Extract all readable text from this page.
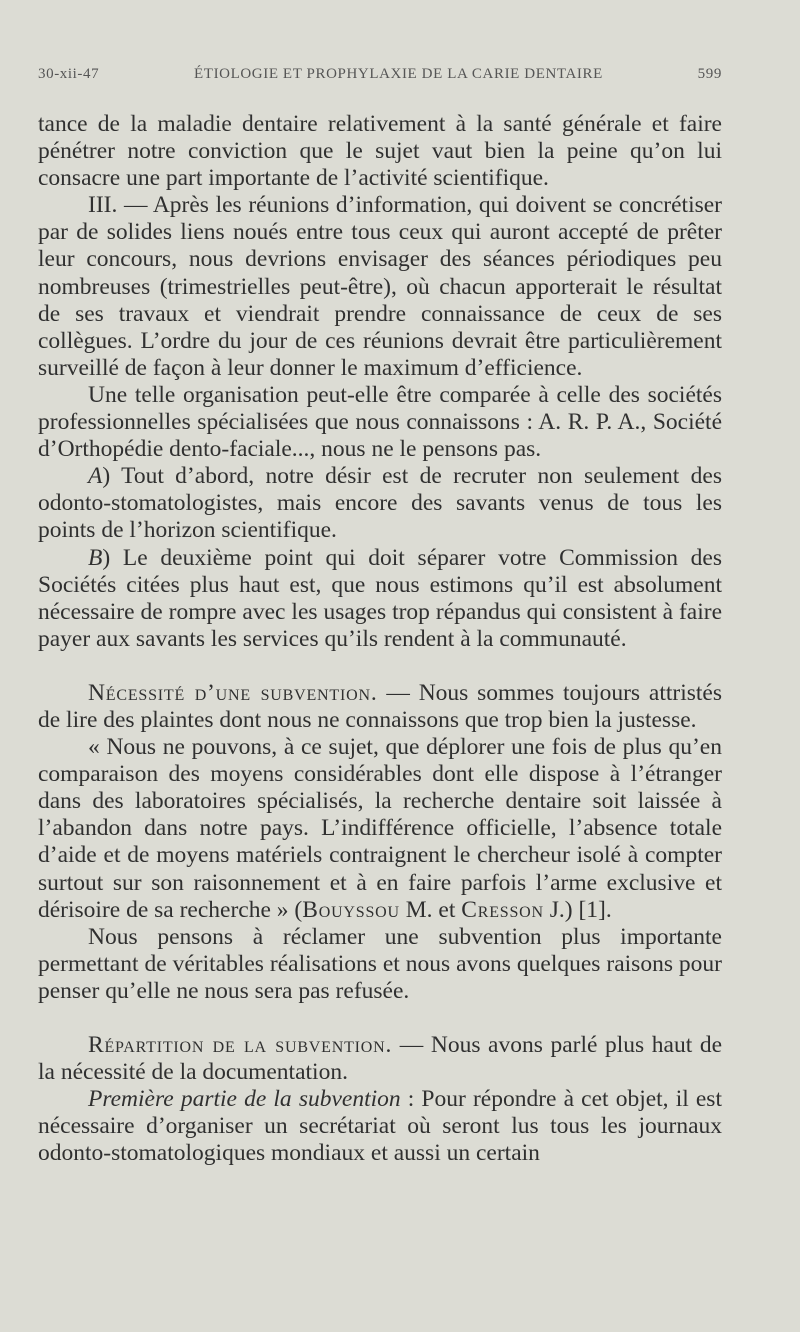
30-xii-47	ÉTIOLOGIE ET PROPHYLAXIE DE LA CARIE DENTAIRE	599

tance de la maladie dentaire relativement à la santé générale et faire pénétrer notre conviction que le sujet vaut bien la peine qu’on lui consacre une part importante de l’activité scientifique.

III. — Après les réunions d’information, qui doivent se concrétiser par de solides liens noués entre tous ceux qui auront accepté de prêter leur concours, nous devrions envisager des séances périodiques peu nombreuses (trimestrielles peut-être), où chacun apporterait le résultat de ses travaux et viendrait prendre connaissance de ceux de ses collègues. L’ordre du jour de ces réunions devrait être particulièrement surveillé de façon à leur donner le maximum d’efficience.

Une telle organisation peut-elle être comparée à celle des sociétés professionnelles spécialisées que nous connaissons : A. R. P. A., Société d’Orthopédie dento-faciale..., nous ne le pensons pas.

A) Tout d’abord, notre désir est de recruter non seulement des odonto-stomatologistes, mais encore des savants venus de tous les points de l’horizon scientifique.

B) Le deuxième point qui doit séparer votre Commission des Sociétés citées plus haut est, que nous estimons qu’il est absolument nécessaire de rompre avec les usages trop répandus qui consistent à faire payer aux savants les services qu’ils rendent à la communauté.

Nécessité d’une subvention. — Nous sommes toujours attristés de lire des plaintes dont nous ne connaissons que trop bien la justesse.

« Nous ne pouvons, à ce sujet, que déplorer une fois de plus qu’en comparaison des moyens considérables dont elle dispose à l’étranger dans des laboratoires spécialisés, la recherche dentaire soit laissée à l’abandon dans notre pays. L’indifférence officielle, l’absence totale d’aide et de moyens matériels contraignent le chercheur isolé à compter surtout sur son raisonnement et à en faire parfois l’arme exclusive et dérisoire de sa recherche » (Bouyssou M. et Cresson J.) [1].

Nous pensons à réclamer une subvention plus importante permettant de véritables réalisations et nous avons quelques raisons pour penser qu’elle ne nous sera pas refusée.

Répartition de la subvention. — Nous avons parlé plus haut de la nécessité de la documentation.

Première partie de la subvention : Pour répondre à cet objet, il est nécessaire d’organiser un secrétariat où seront lus tous les journaux odonto-stomatologiques mondiaux et aussi un certain
